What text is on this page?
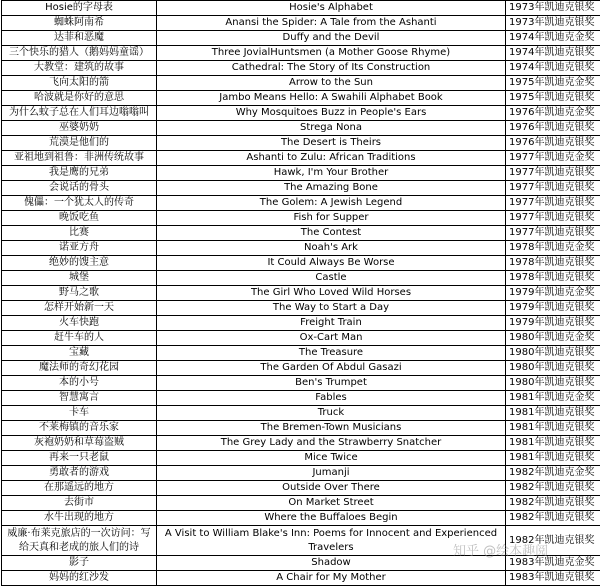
Hosie的字母表	Hosie's Alphabet	1973年凯迪克银奖
蜘蛛阿南希	Anansi the Spider: A Tale from the Ashanti	1973年凯迪克银奖
达菲和恶魔	Duffy and the Devil	1974年凯迪克金奖
三个快乐的猎人（鹅妈妈童谣）	Three JovialHuntsmen (a Mother Goose Rhyme)	1974年凯迪克银奖
大教堂：建筑的故事	Cathedral: The Story of Its Construction	1974年凯迪克银奖
飞向太阳的箭	Arrow to the Sun	1975年凯迪克金奖
哈波就是你好的意思	Jambo Means Hello: A Swahili Alphabet Book	1975年凯迪克银奖
为什么蚊子总在人们耳边嗡嗡叫	Why Mosquitoes Buzz in People's Ears	1976年凯迪克金奖
巫婆奶奶	Strega Nona	1976年凯迪克银奖
荒漠是他们的	The Desert is Theirs	1976年凯迪克银奖
亚祖地到祖鲁：非洲传统故事	Ashanti to Zulu: African Traditions	1977年凯迪克金奖
我是鹰的兄弟	Hawk, I'm Your Brother	1977年凯迪克银奖
会说话的骨头	The Amazing Bone	1977年凯迪克银奖
傀儡：一个犹太人的传奇	The Golem: A Jewish Legend	1977年凯迪克银奖
晚饭吃鱼	Fish for Supper	1977年凯迪克银奖
比赛	The Contest	1977年凯迪克银奖
诺亚方舟	Noah's Ark	1978年凯迪克金奖
绝妙的馊主意	It Could Always Be Worse	1978年凯迪克银奖
城堡	Castle	1978年凯迪克银奖
野马之歌	The Girl Who Loved Wild Horses	1979年凯迪克金奖
怎样开始新一天	The Way to Start a Day	1979年凯迪克银奖
火车快跑	Freight Train	1979年凯迪克银奖
赶牛车的人	Ox-Cart Man	1980年凯迪克金奖
宝藏	The Treasure	1980年凯迪克银奖
魔法师的奇幻花园	The Garden Of Abdul Gasazi	1980年凯迪克银奖
本的小号	Ben's Trumpet	1980年凯迪克银奖
智慧寓言	Fables	1981年凯迪克金奖
卡车	Truck	1981年凯迪克银奖
不莱梅镇的音乐家	The Bremen-Town Musicians	1981年凯迪克银奖
灰袍奶奶和草莓盗贼	The Grey Lady and the Strawberry Snatcher	1981年凯迪克银奖
再来一只老鼠	Mice Twice	1981年凯迪克银奖
勇敢者的游戏	Jumanji	1982年凯迪克金奖
在那遥远的地方	Outside Over There	1982年凯迪克银奖
去街市	On Market Street	1982年凯迪克银奖
水牛出现的地方	Where the Buffaloes Begin	1982年凯迪克银奖
威廉·布莱克旅店的一次访问：写给天真和老成的旅人们的诗	A Visit to William Blake's Inn: Poems for Innocent and Experienced Travelers	1982年凯迪克银奖
影子	Shadow	1983年凯迪克金奖
妈妈的红沙发	A Chair for My Mother	1983年凯迪克银奖
知乎 @绘本趣阅
